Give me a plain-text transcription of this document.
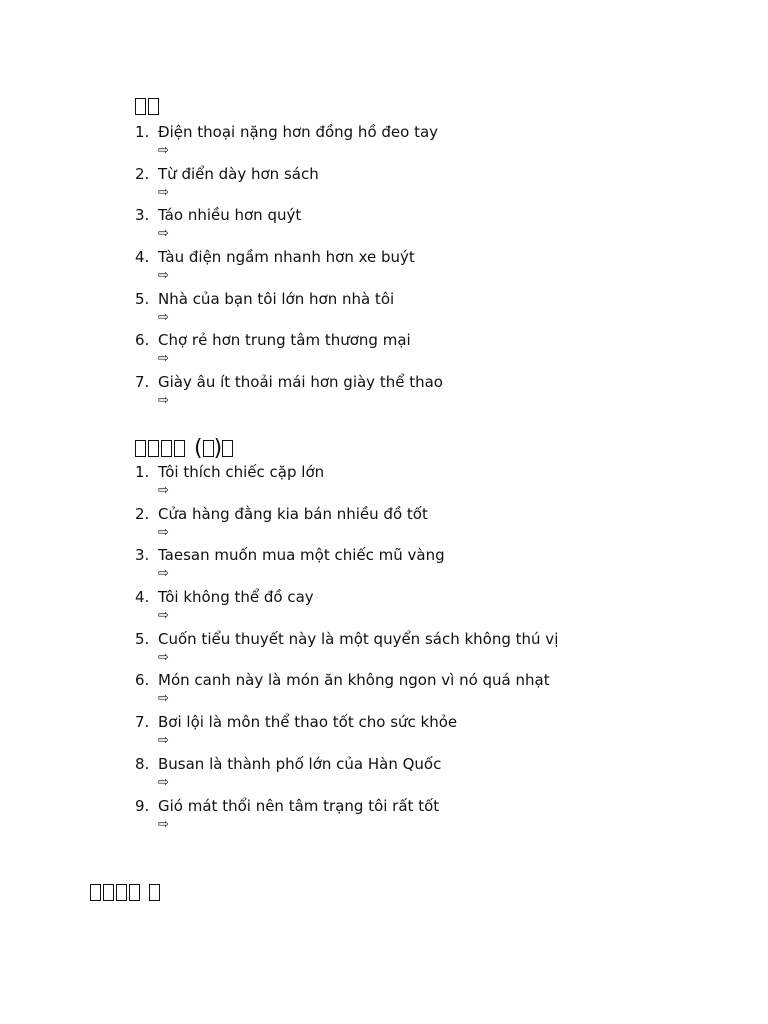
1. Điện thoại nặng hơn đồng hồ đeo tay
⇨
2. Từ điển dày hơn sách
⇨
3. Táo nhiều hơn quýt
⇨
4. Tàu điện ngầm nhanh hơn xe buýt
⇨
5. Nhà của bạn tôi lớn hơn nhà tôi
⇨
6. Chợ rẻ hơn trung tâm thương mại
⇨
7. Giày âu ít thoải mái hơn giày thể thao
⇨
( )
1. Tôi thích chiếc cặp lớn
⇨
2. Cửa hàng đằng kia bán nhiều đồ tốt
⇨
3. Taesan muốn mua một chiếc mũ vàng
⇨
4. Tôi không thể đồ cay
⇨
5. Cuốn tiểu thuyết này là một quyển sách không thú vị
⇨
6. Món canh này là món ăn không ngon vì nó quá nhạt
⇨
7. Bơi lội là môn thể thao tốt cho sức khỏe
⇨
8. Busan là thành phố lớn của Hàn Quốc
⇨
9. Gió mát thổi nên tâm trạng tôi rất tốt
⇨
